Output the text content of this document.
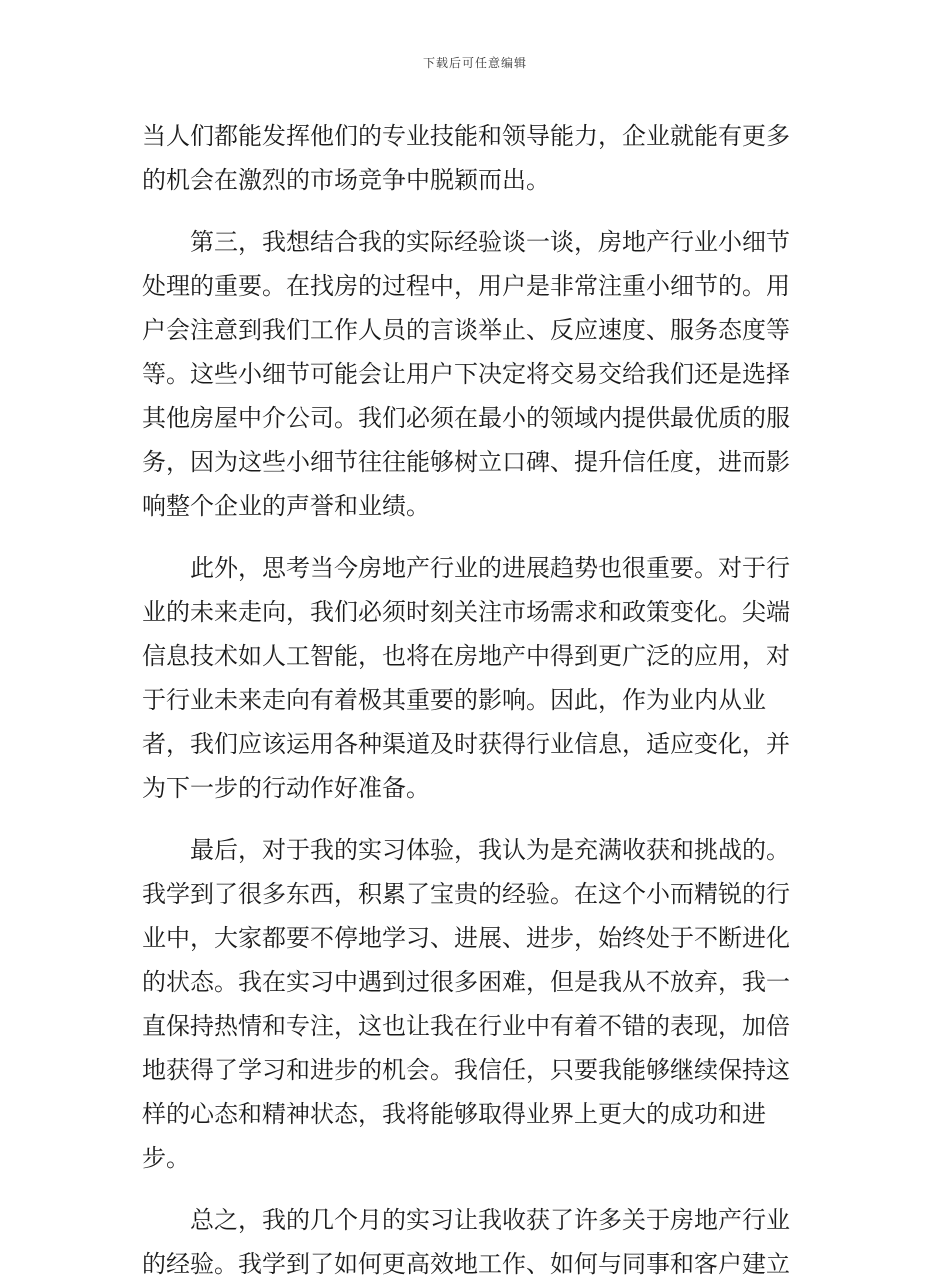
下载后可任意编辑
当人们都能发挥他们的专业技能和领导能力，企业就能有更多
的机会在激烈的市场竞争中脱颖而出。
　　第三，我想结合我的实际经验谈一谈，房地产行业小细节
处理的重要。在找房的过程中，用户是非常注重小细节的。用
户会注意到我们工作人员的言谈举止、反应速度、服务态度等
等。这些小细节可能会让用户下决定将交易交给我们还是选择
其他房屋中介公司。我们必须在最小的领域内提供最优质的服
务，因为这些小细节往往能够树立口碑、提升信任度，进而影
响整个企业的声誉和业绩。
　　此外，思考当今房地产行业的进展趋势也很重要。对于行
业的未来走向，我们必须时刻关注市场需求和政策变化。尖端
信息技术如人工智能，也将在房地产中得到更广泛的应用，对
于行业未来走向有着极其重要的影响。因此，作为业内从业
者，我们应该运用各种渠道及时获得行业信息，适应变化，并
为下一步的行动作好准备。
　　最后，对于我的实习体验，我认为是充满收获和挑战的。
我学到了很多东西，积累了宝贵的经验。在这个小而精锐的行
业中，大家都要不停地学习、进展、进步，始终处于不断进化
的状态。我在实习中遇到过很多困难，但是我从不放弃，我一
直保持热情和专注，这也让我在行业中有着不错的表现，加倍
地获得了学习和进步的机会。我信任，只要我能够继续保持这
样的心态和精神状态，我将能够取得业界上更大的成功和进
步。
　　总之，我的几个月的实习让我收获了许多关于房地产行业
的经验。我学到了如何更高效地工作、如何与同事和客户建立
